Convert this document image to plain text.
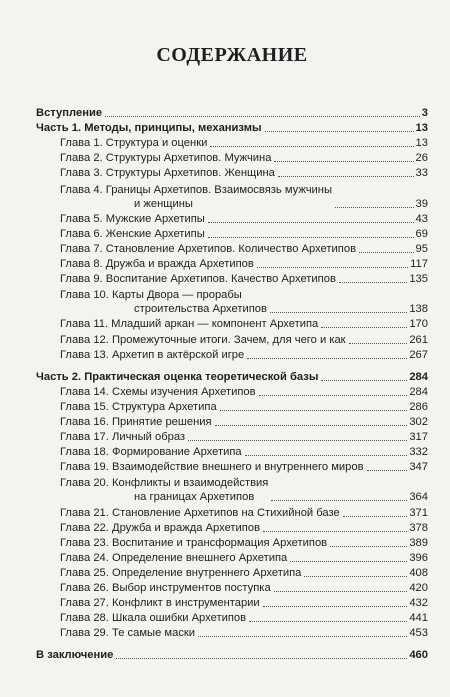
СОДЕРЖАНИЕ
Вступление	3
Часть 1. Методы, принципы, механизмы	13
Глава 1. Структура и оценки	13
Глава 2. Структуры Архетипов. Мужчина	26
Глава 3. Структуры Архетипов. Женщина	33
Глава 4. Границы Архетипов. Взаимосвязь мужчины
и женщины	39
Глава 5. Мужские Архетипы	43
Глава 6. Женские Архетипы	69
Глава 7. Становление Архетипов. Количество Архетипов	95
Глава 8. Дружба и вражда Архетипов	117
Глава 9. Воспитание Архетипов. Качество Архетипов	135
Глава 10. Карты Двора — прорабы
строительства Архетипов	138
Глава 11. Младший аркан — компонент Архетипа	170
Глава 12. Промежуточные итоги. Зачем, для чего и как	261
Глава 13. Архетип в актёрской игре	267
Часть 2. Практическая оценка теоретической базы	284
Глава 14. Схемы изучения Архетипов	284
Глава 15. Структура Архетипа	286
Глава 16. Принятие решения	302
Глава 17. Личный образ	317
Глава 18. Формирование Архетипа	332
Глава 19. Взаимодействие внешнего и внутреннего миров	347
Глава 20. Конфликты и взаимодействия
на границах Архетипов	364
Глава 21. Становление Архетипов на Стихийной базе	371
Глава 22. Дружба и вражда Архетипов	378
Глава 23. Воспитание и трансформация Архетипов	389
Глава 24. Определение внешнего Архетипа	396
Глава 25. Определение внутреннего Архетипа	408
Глава 26. Выбор инструментов поступка	420
Глава 27. Конфликт в инструментарии	432
Глава 28. Шкала ошибки Архетипов	441
Глава 29. Те самые маски	453
В заключение	460
